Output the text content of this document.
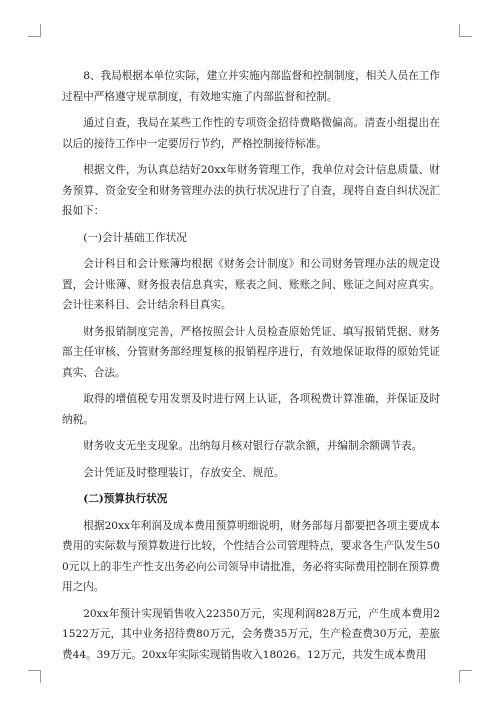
8、我局根据本单位实际，建立并实施内部监督和控制制度，相关人员在工作过程中严格遵守规章制度，有效地实施了内部监督和控制。

通过自查，我局在某些工作性的专项资金招待费略微偏高。清查小组提出在以后的接待工作中一定要厉行节约，严格控制接待标准。

根据文件，为认真总结好20xx年财务管理工作，我单位对会计信息质量、财务预算、资金安全和财务管理办法的执行状况进行了自查，现将自查自纠状况汇报如下：

(一)会计基础工作状况

会计科目和会计账簿均根据《财务会计制度》和公司财务管理办法的规定设置，会计账簿、财务报表信息真实，账表之间、账账之间、账证之间对应真实。会计往来科目、会计结余科目真实。

财务报销制度完善，严格按照会计人员检查原始凭证、填写报销凭据、财务部主任审核、分管财务部经理复核的报销程序进行，有效地保证取得的原始凭证真实、合法。

取得的增值税专用发票及时进行网上认证，各项税费计算准确，并保证及时纳税。

财务收支无坐支现象。出纳每月核对银行存款余额，并编制余额调节表。

会计凭证及时整理装订，存放安全、规范。

(二)预算执行状况

根据20xx年利润及成本费用预算明细说明，财务部每月都要把各项主要成本费用的实际数与预算数进行比较，个性结合公司管理特点，要求各生产队发生500元以上的非生产性支出务必向公司领导申请批准，务必将实际费用控制在预算费用之内。

20xx年预计实现销售收入22350万元，实现利润828万元，产生成本费用21522万元，其中业务招待费80万元，会务费35万元，生产检查费30万元，差旅费44。39万元。20xx年实际实现销售收入18026。12万元，共发生成本费用
